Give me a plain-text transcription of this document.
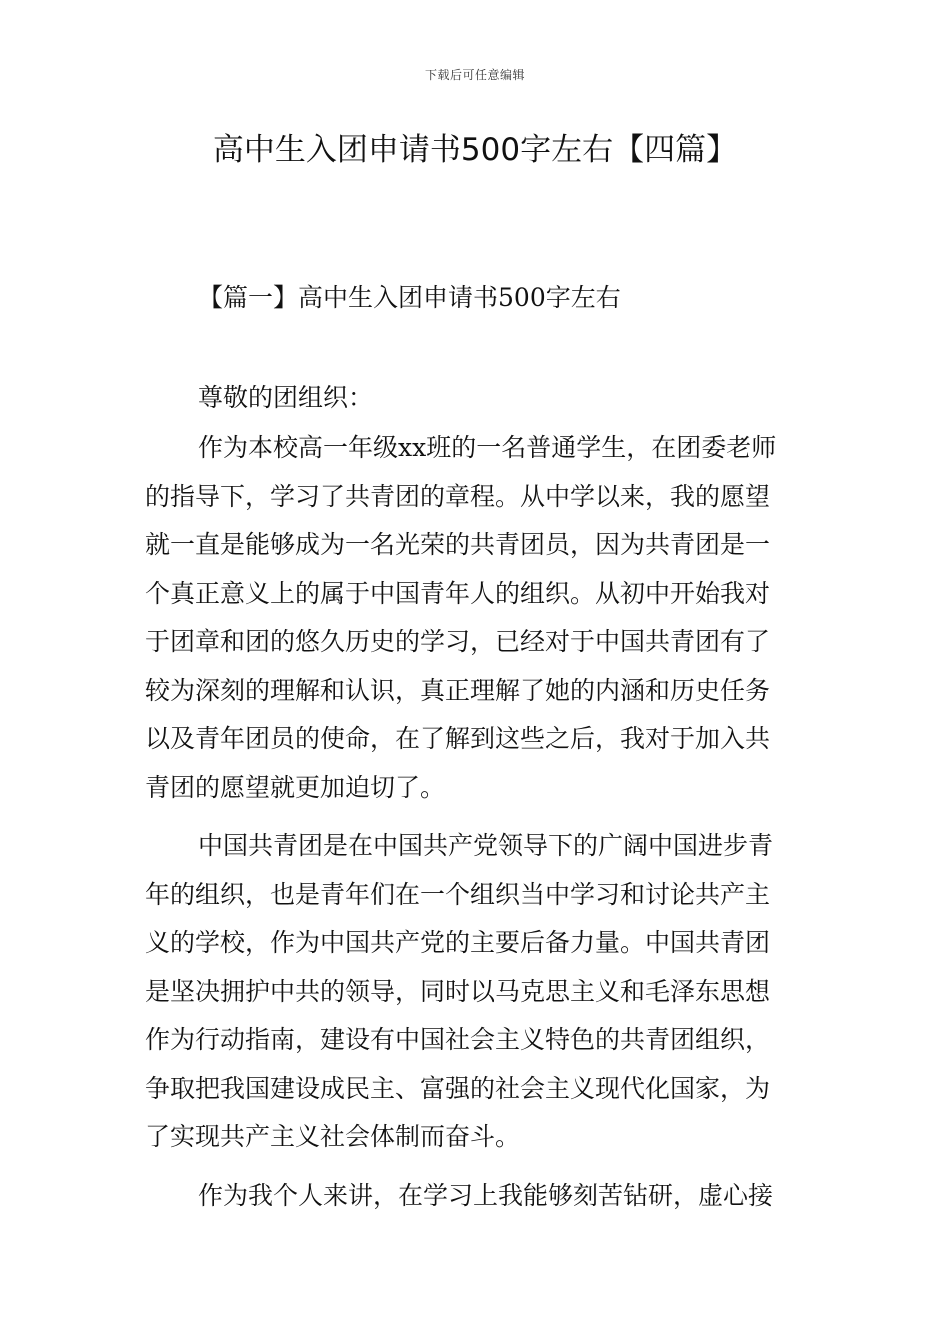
下载后可任意编辑
高中生入团申请书500字左右【四篇】
【篇一】高中生入团申请书500字左右
尊敬的团组织：
作为本校高一年级xx班的一名普通学生，在团委老师
的指导下，学习了共青团的章程。从中学以来，我的愿望
就一直是能够成为一名光荣的共青团员，因为共青团是一
个真正意义上的属于中国青年人的组织。从初中开始我对
于团章和团的悠久历史的学习，已经对于中国共青团有了
较为深刻的理解和认识，真正理解了她的内涵和历史任务
以及青年团员的使命，在了解到这些之后，我对于加入共
青团的愿望就更加迫切了。
中国共青团是在中国共产党领导下的广阔中国进步青
年的组织，也是青年们在一个组织当中学习和讨论共产主
义的学校，作为中国共产党的主要后备力量。中国共青团
是坚决拥护中共的领导，同时以马克思主义和毛泽东思想
作为行动指南，建设有中国社会主义特色的共青团组织，
争取把我国建设成民主、富强的社会主义现代化国家，为
了实现共产主义社会体制而奋斗。
作为我个人来讲，在学习上我能够刻苦钻研，虚心接
